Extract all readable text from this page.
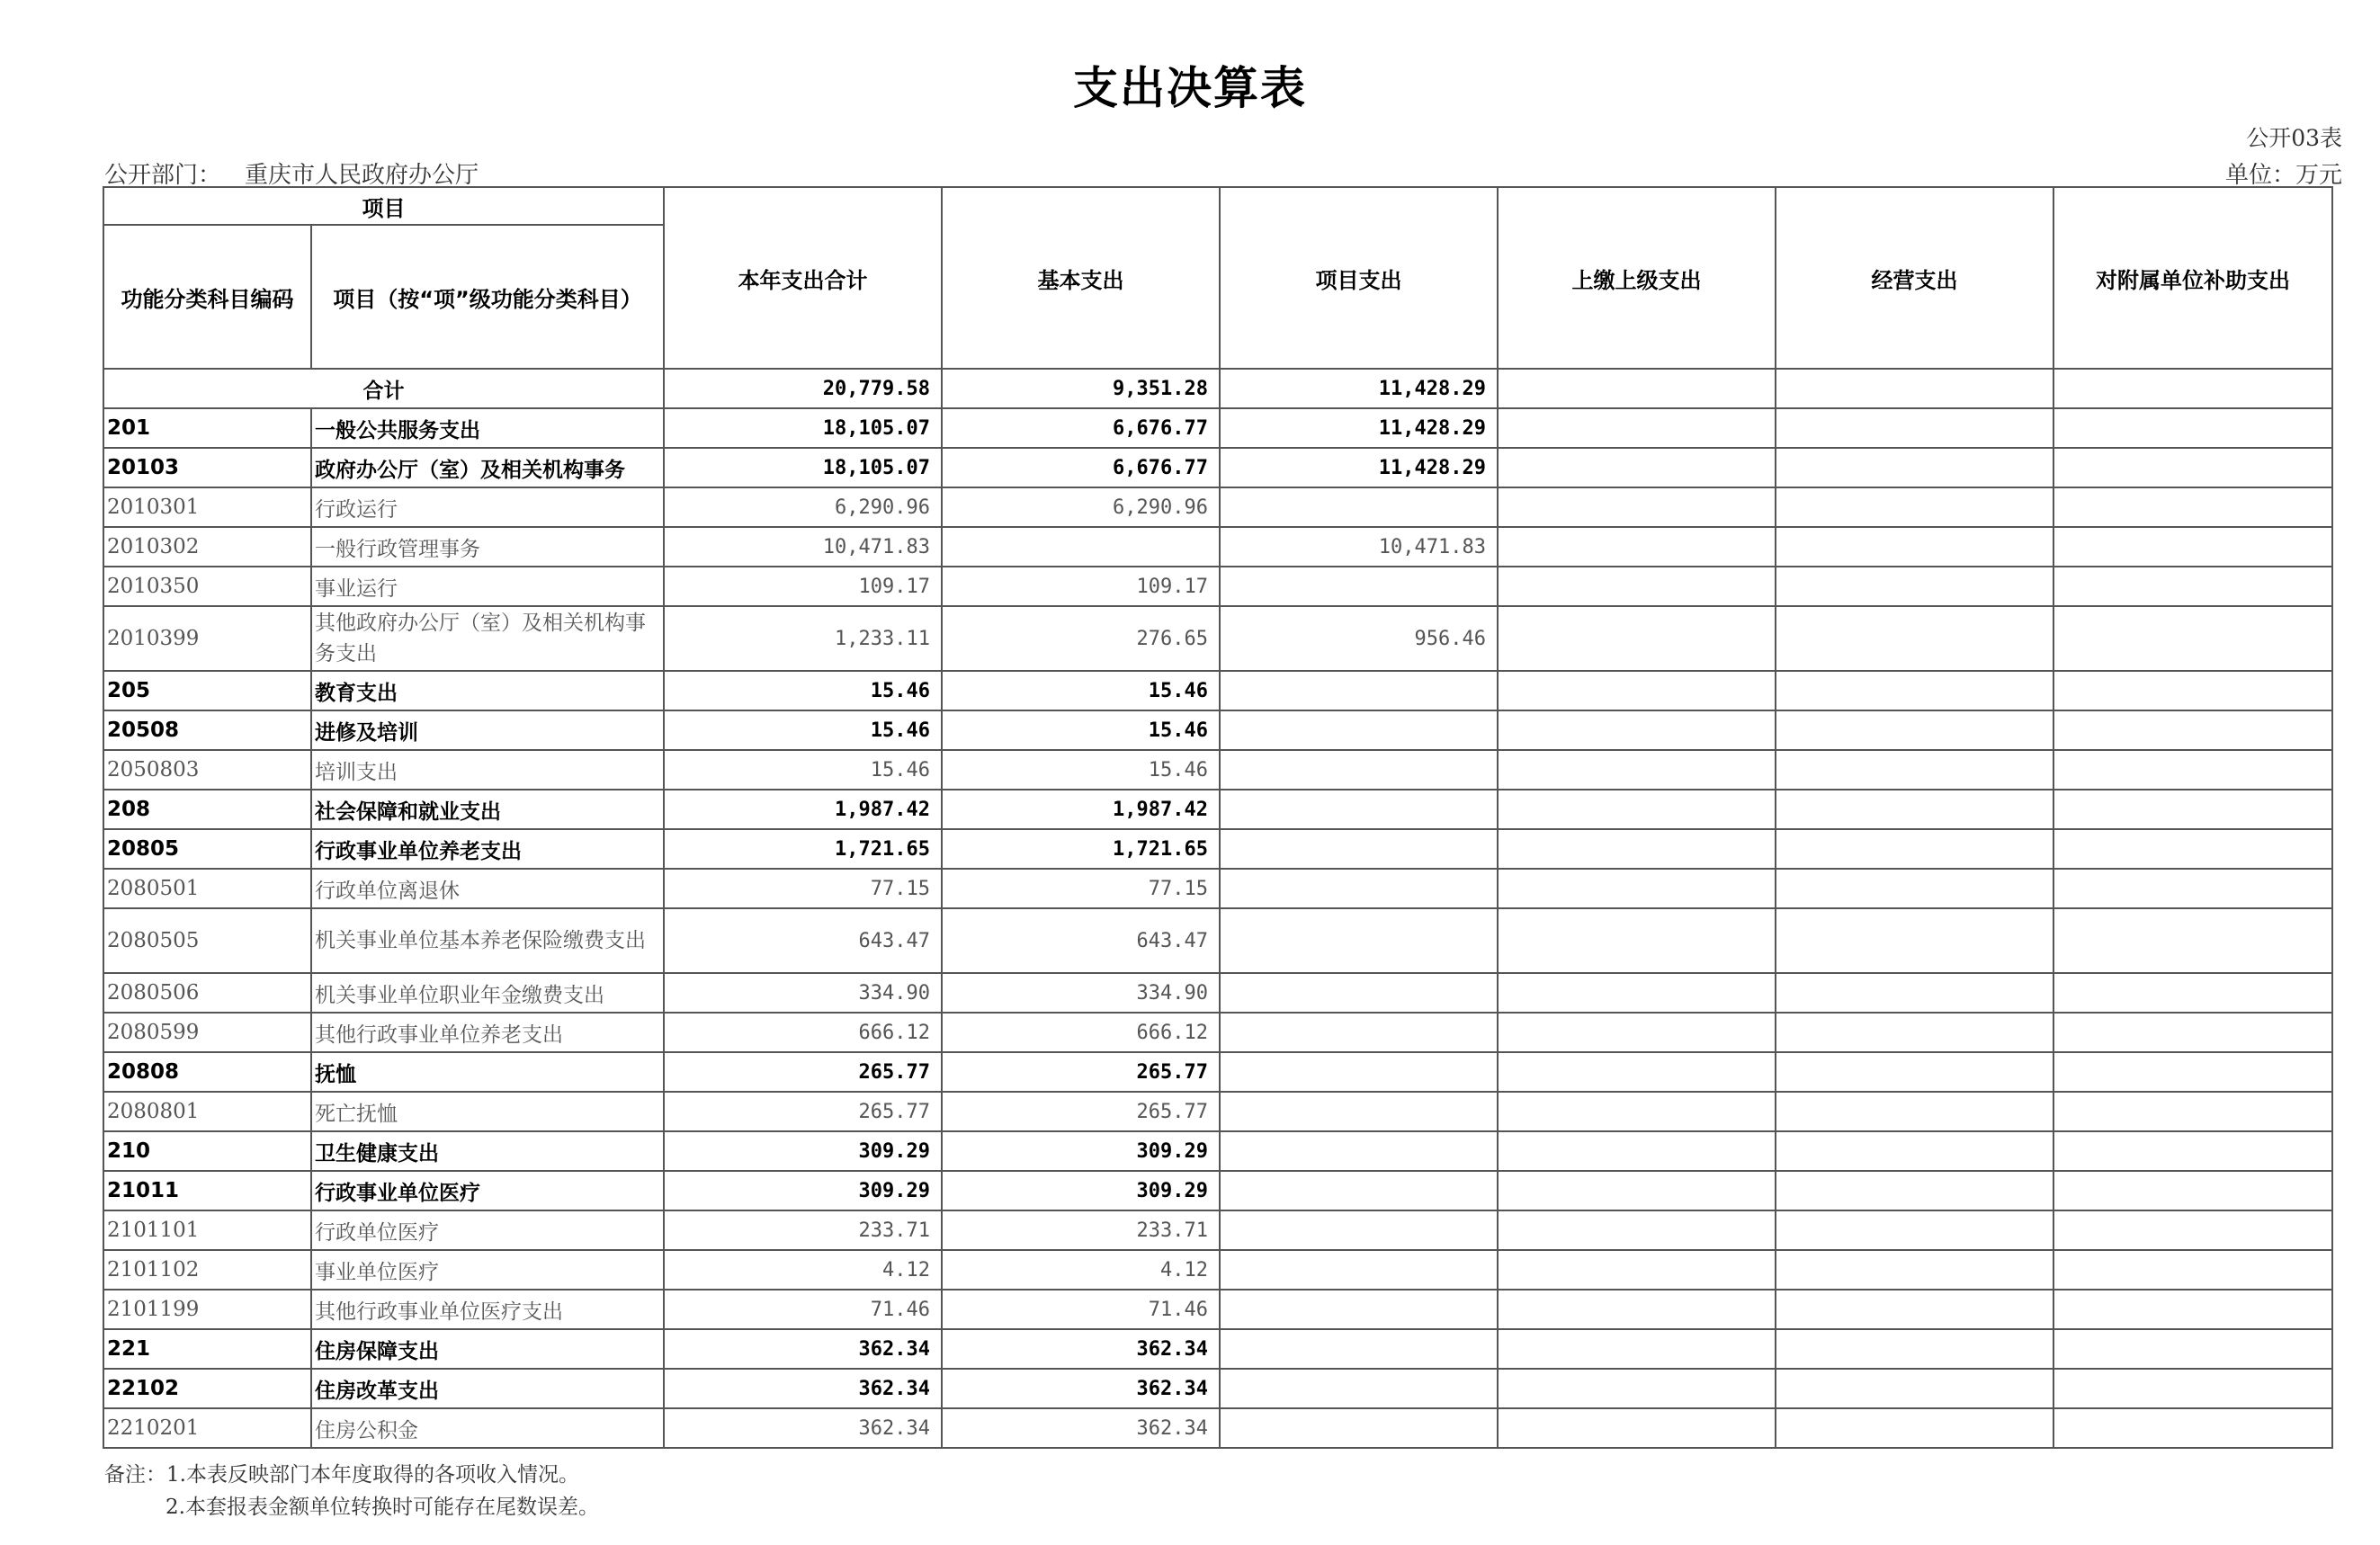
支出决算表
公开03表
公开部门： 重庆市人民政府办公厅	单位：万元
项目		本年支出合计	基本支出	项目支出	上缴上级支出	经营支出	对附属单位补助支出
功能分类科目编码	项目（按“项”级功能分类科目）						
合计		20,779.58	9,351.28	11,428.29			
201	一般公共服务支出	18,105.07	6,676.77	11,428.29			
20103	政府办公厅（室）及相关机构事务	18,105.07	6,676.77	11,428.29			
2010301	行政运行	6,290.96	6,290.96				
2010302	一般行政管理事务	10,471.83		10,471.83			
2010350	事业运行	109.17	109.17				
2010399	其他政府办公厅（室）及相关机构事务支出	1,233.11	276.65	956.46			
205	教育支出	15.46	15.46				
20508	进修及培训	15.46	15.46				
2050803	培训支出	15.46	15.46				
208	社会保障和就业支出	1,987.42	1,987.42				
20805	行政事业单位养老支出	1,721.65	1,721.65				
2080501	行政单位离退休	77.15	77.15				
2080505	机关事业单位基本养老保险缴费支出	643.47	643.47				
2080506	机关事业单位职业年金缴费支出	334.90	334.90				
2080599	其他行政事业单位养老支出	666.12	666.12				
20808	抚恤	265.77	265.77				
2080801	死亡抚恤	265.77	265.77				
210	卫生健康支出	309.29	309.29				
21011	行政事业单位医疗	309.29	309.29				
2101101	行政单位医疗	233.71	233.71				
2101102	事业单位医疗	4.12	4.12				
2101199	其他行政事业单位医疗支出	71.46	71.46				
221	住房保障支出	362.34	362.34				
22102	住房改革支出	362.34	362.34				
2210201	住房公积金	362.34	362.34				
备注：1.本表反映部门本年度取得的各项收入情况。
2.本套报表金额单位转换时可能存在尾数误差。
